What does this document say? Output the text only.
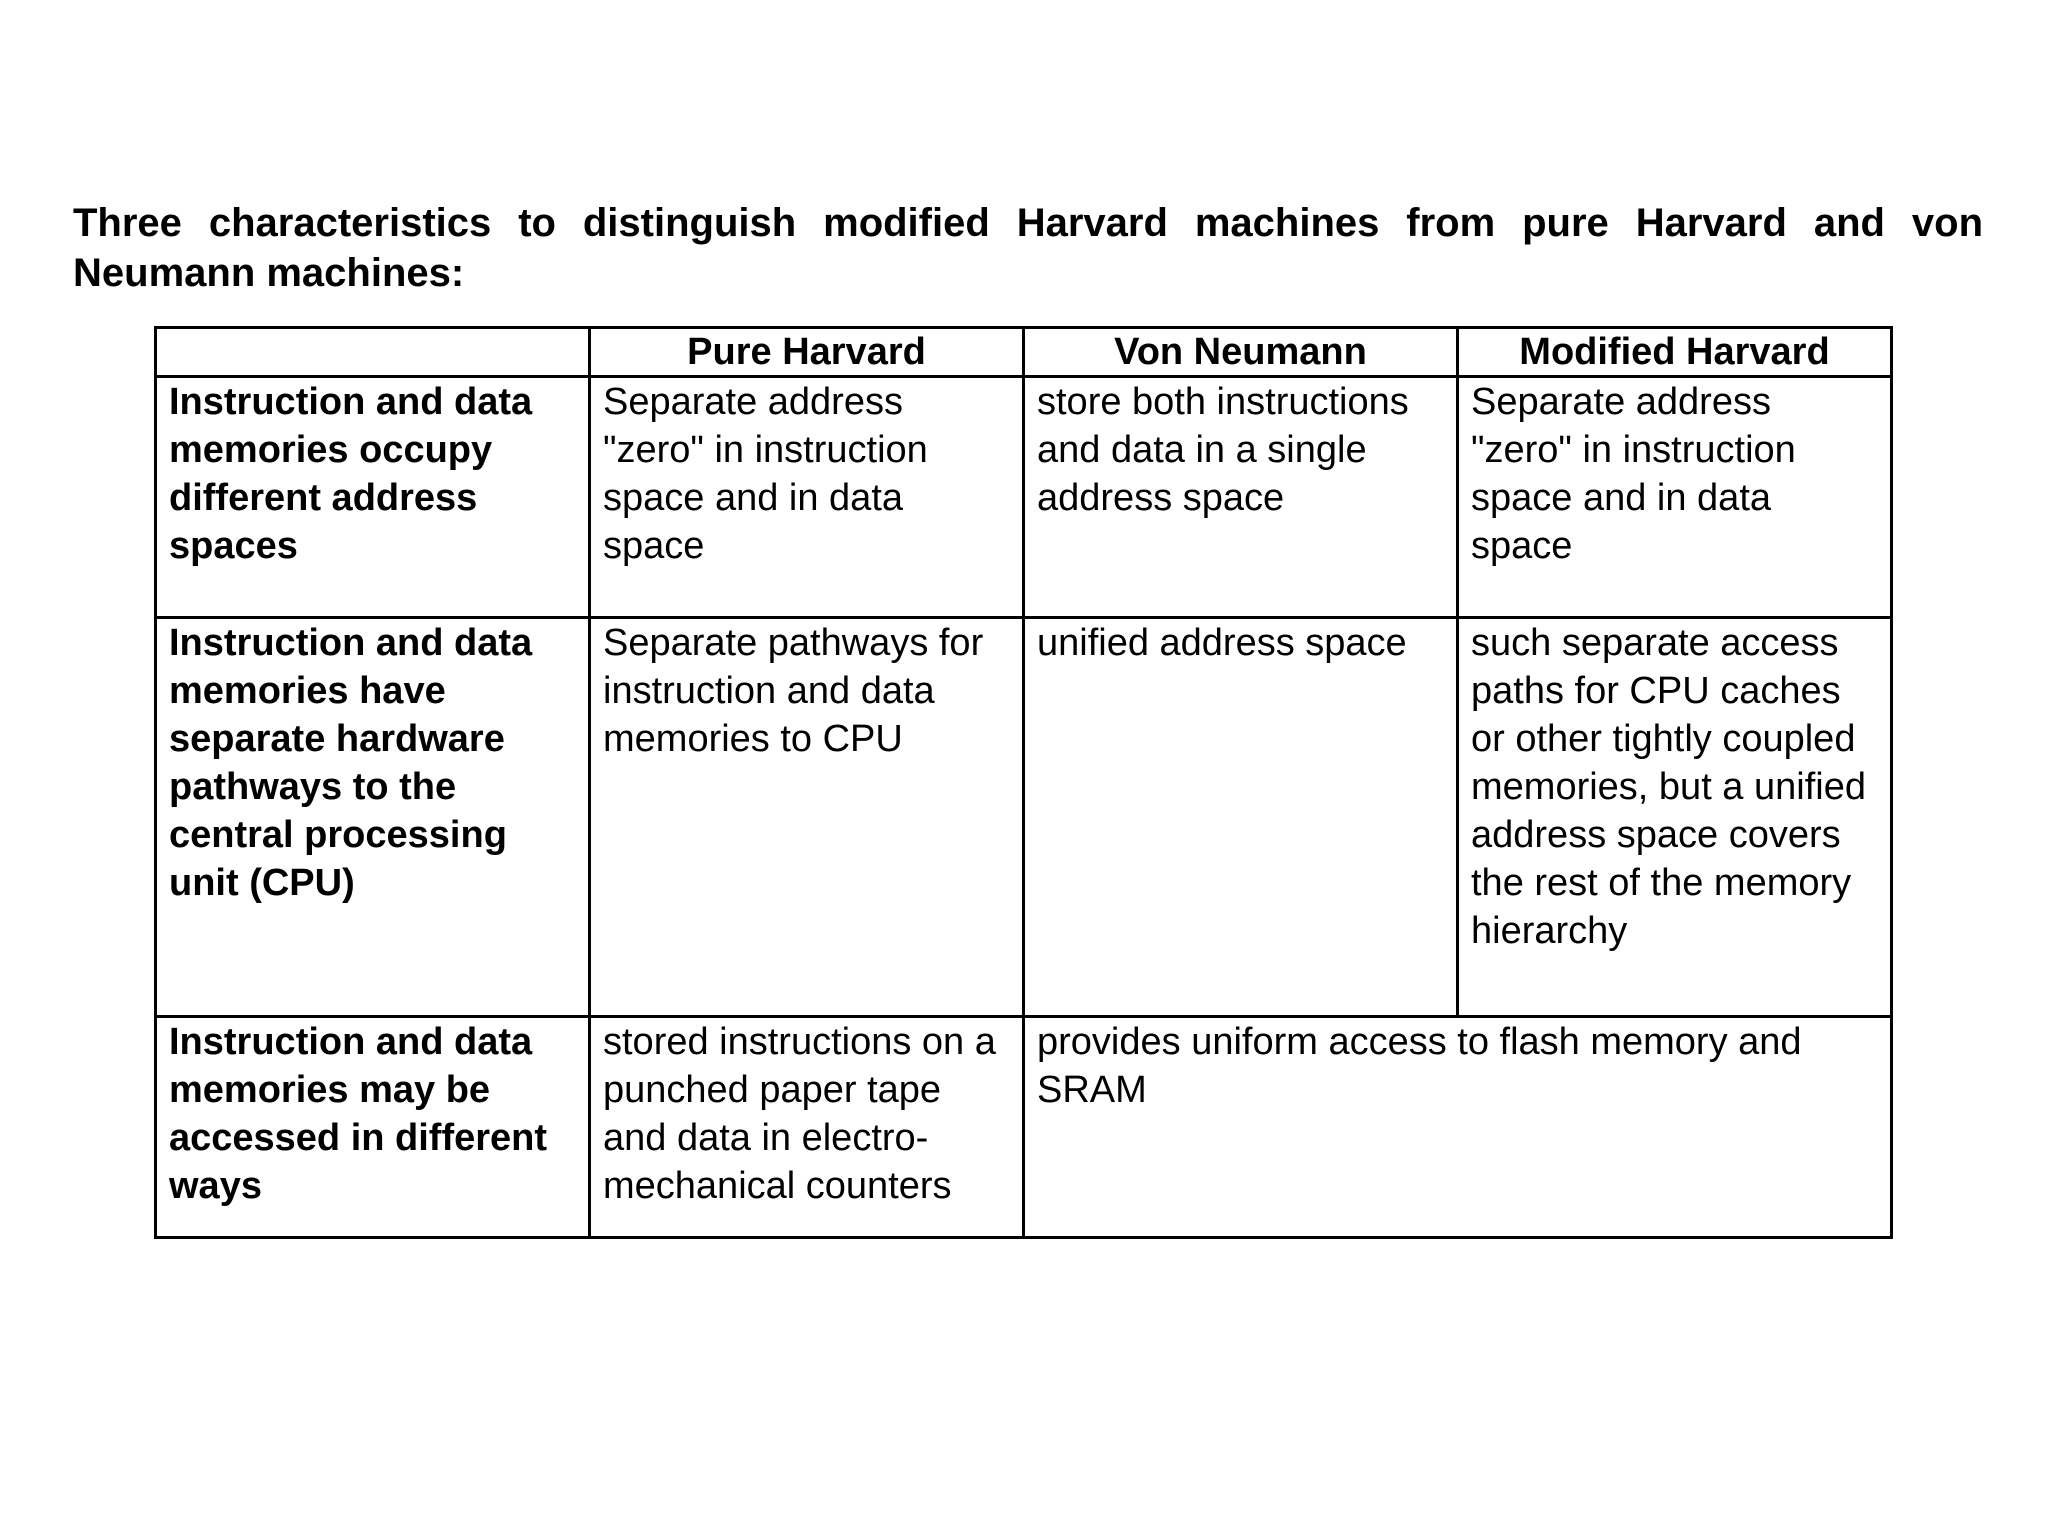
Three characteristics to distinguish modified Harvard machines from pure Harvard and von Neumann machines:

	Pure Harvard	Von Neumann	Modified Harvard
Instruction and data memories occupy different address spaces	Separate address "zero" in instruction space and in data space	store both instructions and data in a single address space	Separate address "zero" in instruction space and in data space
Instruction and data memories have separate hardware pathways to the central processing unit (CPU)	Separate pathways for instruction and data memories to CPU	unified address space	such separate access paths for CPU caches or other tightly coupled memories, but a unified address space covers the rest of the memory hierarchy
Instruction and data memories may be accessed in different ways	stored instructions on a punched paper tape and data in electro-mechanical counters	provides uniform access to flash memory and SRAM	
